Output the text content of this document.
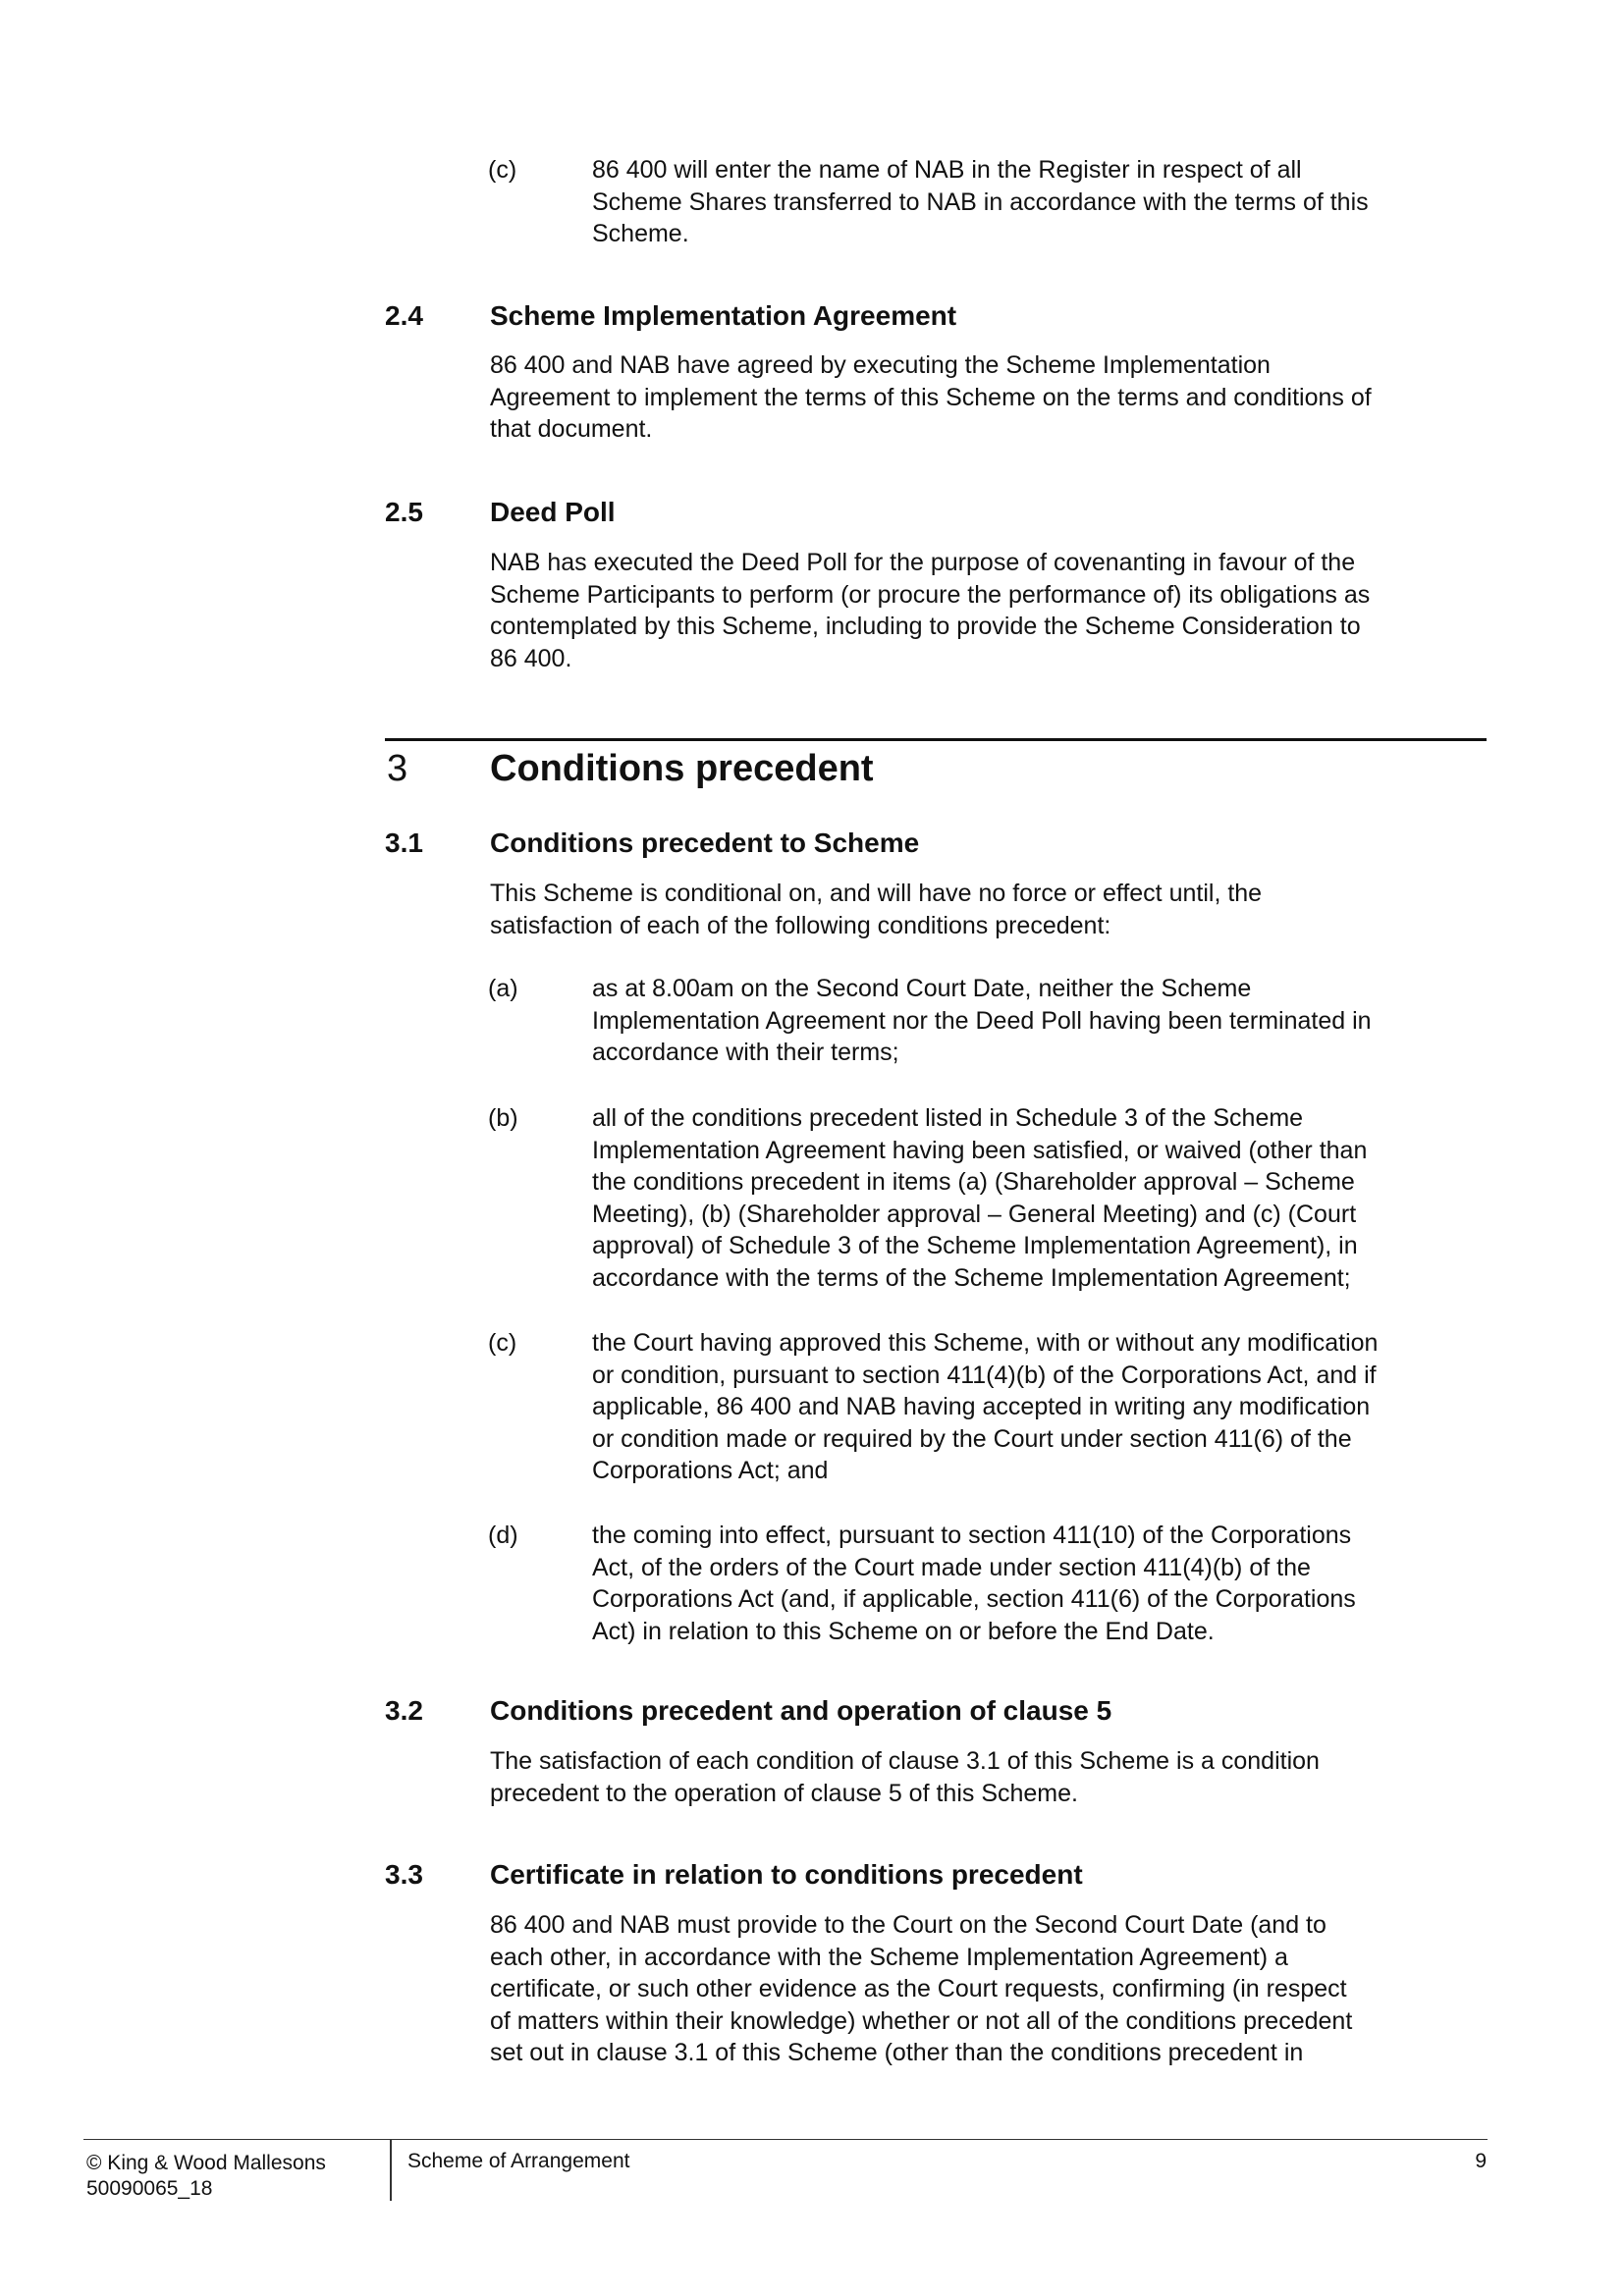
(c)	86 400 will enter the name of NAB in the Register in respect of all
Scheme Shares transferred to NAB in accordance with the terms of this
Scheme.

2.4 Scheme Implementation Agreement

86 400 and NAB have agreed by executing the Scheme Implementation
Agreement to implement the terms of this Scheme on the terms and conditions of
that document.

2.5 Deed Poll

NAB has executed the Deed Poll for the purpose of covenanting in favour of the
Scheme Participants to perform (or procure the performance of) its obligations as
contemplated by this Scheme, including to provide the Scheme Consideration to
86 400.

3 Conditions precedent
3.1 Conditions precedent to Scheme

This Scheme is conditional on, and will have no force or effect until, the
satisfaction of each of the following conditions precedent:

(a)	as at 8.00am on the Second Court Date, neither the Scheme
Implementation Agreement nor the Deed Poll having been terminated in
accordance with their terms;

(b)	all of the conditions precedent listed in Schedule 3 of the Scheme
Implementation Agreement having been satisfied, or waived (other than
the conditions precedent in items (a) (Shareholder approval – Scheme
Meeting), (b) (Shareholder approval – General Meeting) and (c) (Court
approval) of Schedule 3 of the Scheme Implementation Agreement), in
accordance with the terms of the Scheme Implementation Agreement;

(c)	the Court having approved this Scheme, with or without any modification
or condition, pursuant to section 411(4)(b) of the Corporations Act, and if
applicable, 86 400 and NAB having accepted in writing any modification
or condition made or required by the Court under section 411(6) of the
Corporations Act; and

(d)	the coming into effect, pursuant to section 411(10) of the Corporations
Act, of the orders of the Court made under section 411(4)(b) of the
Corporations Act (and, if applicable, section 411(6) of the Corporations
Act) in relation to this Scheme on or before the End Date.

3.2 Conditions precedent and operation of clause 5

The satisfaction of each condition of clause 3.1 of this Scheme is a condition
precedent to the operation of clause 5 of this Scheme.

3.3 Certificate in relation to conditions precedent

86 400 and NAB must provide to the Court on the Second Court Date (and to
each other, in accordance with the Scheme Implementation Agreement) a
certificate, or such other evidence as the Court requests, confirming (in respect
of matters within their knowledge) whether or not all of the conditions precedent
set out in clause 3.1 of this Scheme (other than the conditions precedent in

© King & Wood Mallesons
50090065_18
Scheme of Arrangement	9
